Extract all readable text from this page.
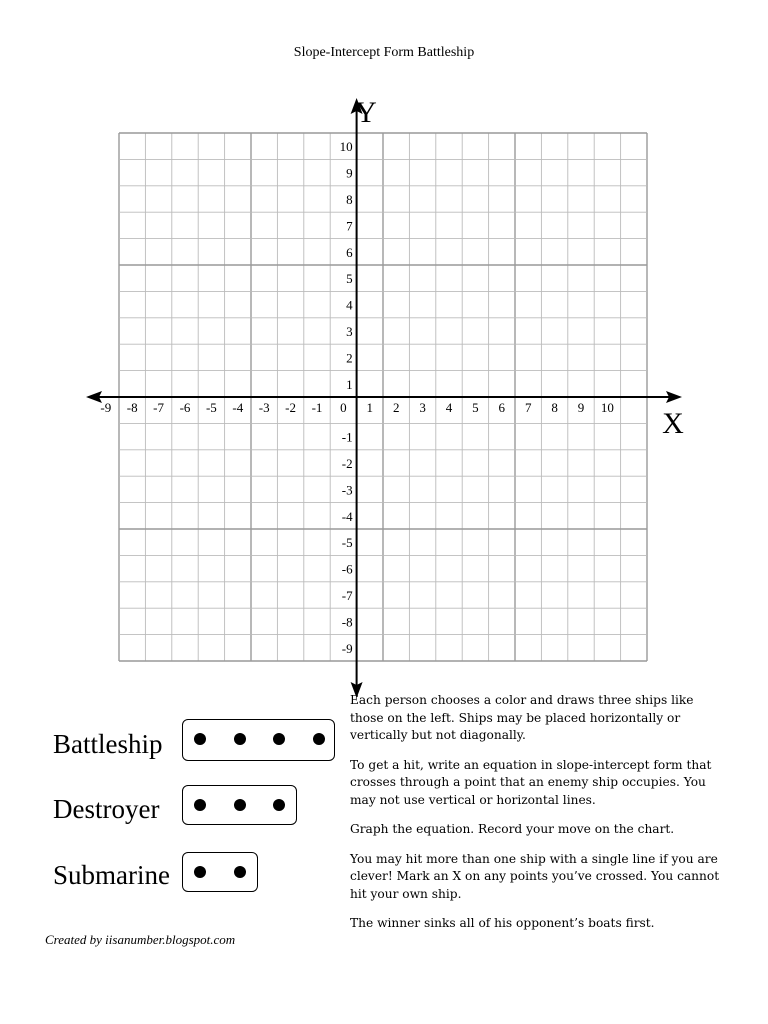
Slope-Intercept Form Battleship
-9 -8 -7 -6 -5 -4 -3 -2 -1 0 1 2 3 4 5 6 7 8 9 10
10
9
8
7
6
5
4
3
2
1
-1
-2
-3
-4
-5
-6
-7
-8
-9
X
Y
Battleship
Destroyer
Submarine

Each person chooses a color and draws three ships like those on the left. Ships may be placed horizontally or vertically but not diagonally.

To get a hit, write an equation in slope-intercept form that crosses through a point that an enemy ship occupies. You may not use vertical or horizontal lines.

Graph the equation. Record your move on the chart.

You may hit more than one ship with a single line if you are clever! Mark an X on any points you’ve crossed. You cannot hit your own ship.

The winner sinks all of his opponent’s boats first.

Created by iisanumber.blogspot.com
